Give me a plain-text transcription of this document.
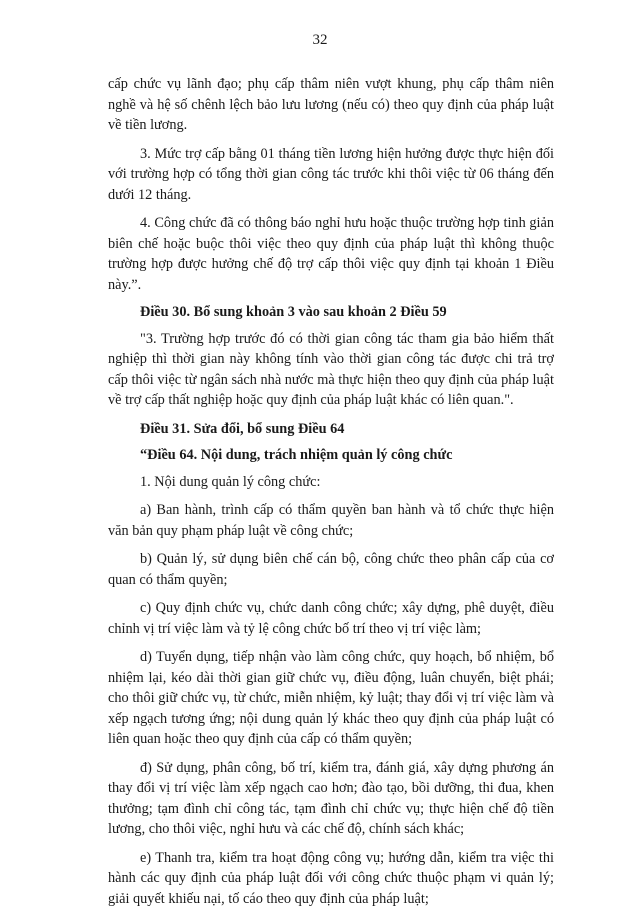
32

cấp chức vụ lãnh đạo; phụ cấp thâm niên vượt khung, phụ cấp thâm niên nghề và hệ số chênh lệch bảo lưu lương (nếu có) theo quy định của pháp luật về tiền lương.

3. Mức trợ cấp bằng 01 tháng tiền lương hiện hưởng được thực hiện đối với trường hợp có tổng thời gian công tác trước khi thôi việc từ 06 tháng đến dưới 12 tháng.

4. Công chức đã có thông báo nghỉ hưu hoặc thuộc trường hợp tinh giản biên chế hoặc buộc thôi việc theo quy định của pháp luật thì không thuộc trường hợp được hưởng chế độ trợ cấp thôi việc quy định tại khoản 1 Điều này.”.

Điều 30. Bổ sung khoản 3 vào sau khoản 2 Điều 59

"3. Trường hợp trước đó có thời gian công tác tham gia bảo hiểm thất nghiệp thì thời gian này không tính vào thời gian công tác được chi trả trợ cấp thôi việc từ ngân sách nhà nước mà thực hiện theo quy định của pháp luật về trợ cấp thất nghiệp hoặc quy định của pháp luật khác có liên quan.".

Điều 31. Sửa đổi, bổ sung Điều 64

“Điều 64. Nội dung, trách nhiệm quản lý công chức

1. Nội dung quản lý công chức:

a) Ban hành, trình cấp có thẩm quyền ban hành và tổ chức thực hiện văn bản quy phạm pháp luật về công chức;

b) Quản lý, sử dụng biên chế cán bộ, công chức theo phân cấp của cơ quan có thẩm quyền;

c) Quy định chức vụ, chức danh công chức; xây dựng, phê duyệt, điều chỉnh vị trí việc làm và tỷ lệ công chức bố trí theo vị trí việc làm;

d) Tuyển dụng, tiếp nhận vào làm công chức, quy hoạch, bổ nhiệm, bổ nhiệm lại, kéo dài thời gian giữ chức vụ, điều động, luân chuyển, biệt phái; cho thôi giữ chức vụ, từ chức, miễn nhiệm, kỷ luật; thay đổi vị trí việc làm và xếp ngạch tương ứng; nội dung quản lý khác theo quy định của pháp luật có liên quan hoặc theo quy định của cấp có thẩm quyền;

đ) Sử dụng, phân công, bố trí, kiểm tra, đánh giá, xây dựng phương án thay đổi vị trí việc làm xếp ngạch cao hơn; đào tạo, bồi dưỡng, thi đua, khen thưởng; tạm đình chỉ công tác, tạm đình chỉ chức vụ; thực hiện chế độ tiền lương, cho thôi việc, nghỉ hưu và các chế độ, chính sách khác;

e) Thanh tra, kiểm tra hoạt động công vụ; hướng dẫn, kiểm tra việc thi hành các quy định của pháp luật đối với công chức thuộc phạm vi quản lý; giải quyết khiếu nại, tố cáo theo quy định của pháp luật;
